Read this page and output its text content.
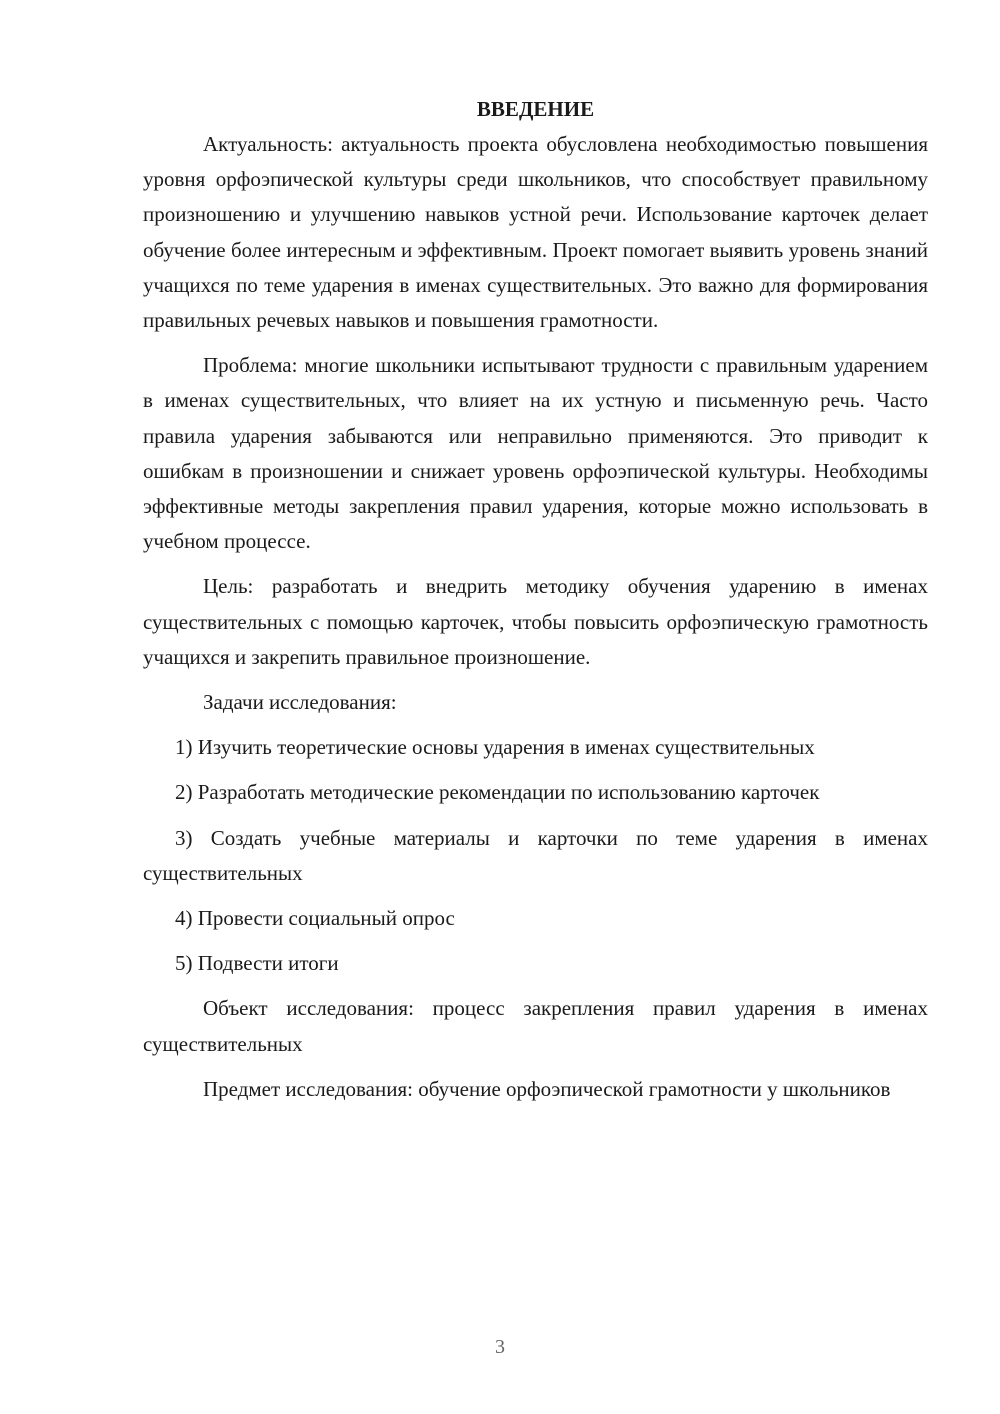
ВВЕДЕНИЕ

Актуальность: актуальность проекта обусловлена необходимостью повышения уровня орфоэпической культуры среди школьников, что способствует правильному произношению и улучшению навыков устной речи. Использование карточек делает обучение более интересным и эффективным. Проект помогает выявить уровень знаний учащихся по теме ударения в именах существительных. Это важно для формирования правильных речевых навыков и повышения грамотности.

Проблема: многие школьники испытывают трудности с правильным ударением в именах существительных, что влияет на их устную и письменную речь. Часто правила ударения забываются или неправильно применяются. Это приводит к ошибкам в произношении и снижает уровень орфоэпической культуры. Необходимы эффективные методы закрепления правил ударения, которые можно использовать в учебном процессе.

Цель: разработать и внедрить методику обучения ударению в именах существительных с помощью карточек, чтобы повысить орфоэпическую грамотность учащихся и закрепить правильное произношение.

Задачи исследования:

1) Изучить теоретические основы ударения в именах существительных

2) Разработать методические рекомендации по использованию карточек

3) Создать учебные материалы и карточки по теме ударения в именах существительных

4) Провести социальный опрос

5) Подвести итоги

Объект исследования: процесс закрепления правил ударения в именах существительных

Предмет исследования: обучение орфоэпической грамотности у школьников

3
